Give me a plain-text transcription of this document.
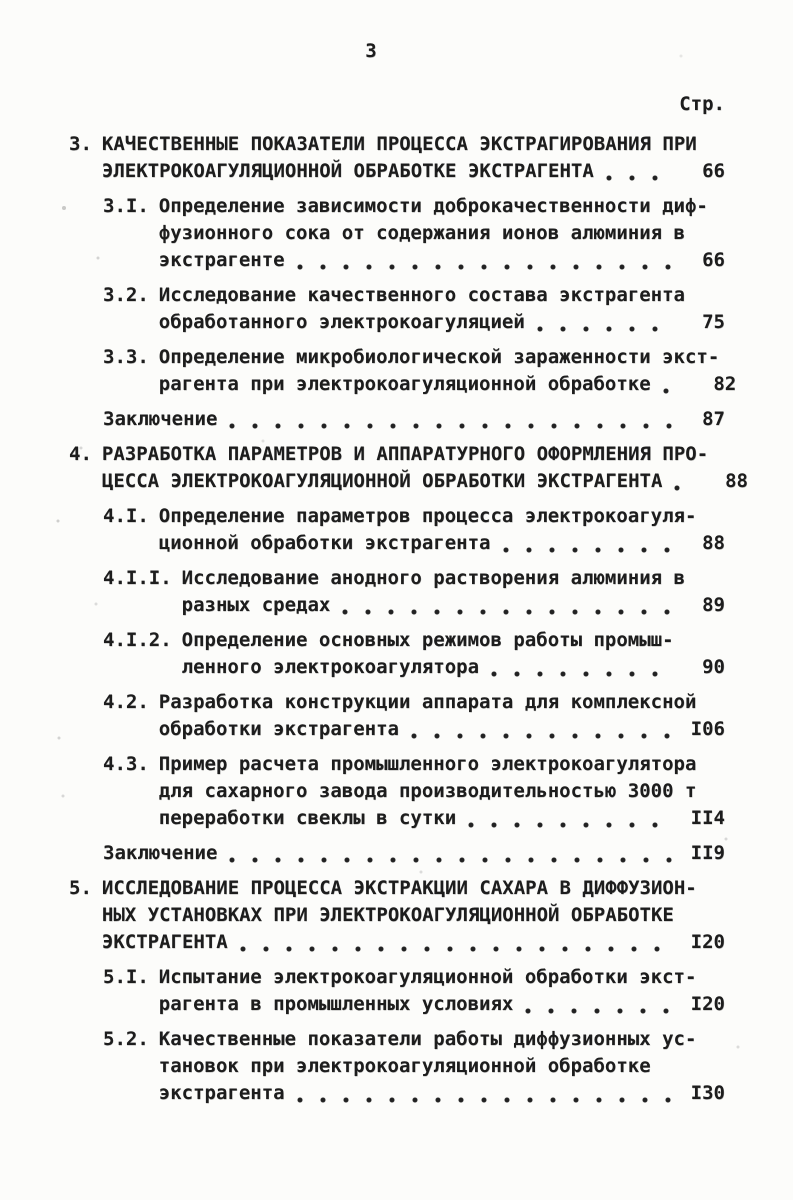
3
Стр.
3. КАЧЕСТВЕННЫЕ ПОКАЗАТЕЛИ ПРОЦЕССА ЭКСТРАГИРОВАНИЯ ПРИ
ЭЛЕКТРОКОАГУЛЯЦИОННОЙ ОБРАБОТКЕ ЭКСТРАГЕНТА	66
3.I. Определение зависимости доброкачественности диф-
фузионного сока от содержания ионов алюминия в
экстрагенте	66
3.2. Исследование качественного состава экстрагента
обработанного электрокоагуляцией	75
3.3. Определение микробиологической зараженности экст-
рагента при электрокоагуляционной обработке	82
Заключение	87
4. РАЗРАБОТКА ПАРАМЕТРОВ И АППАРАТУРНОГО ОФОРМЛЕНИЯ ПРО-
ЦЕССА ЭЛЕКТРОКОАГУЛЯЦИОННОЙ ОБРАБОТКИ ЭКСТРАГЕНТА	88
4.I. Определение параметров процесса электрокоагуля-
ционной обработки экстрагента	88
4.I.I. Исследование анодного растворения алюминия в
разных средах	89
4.I.2. Определение основных режимов работы промыш-
ленного электрокоагулятора	90
4.2. Разработка конструкции аппарата для комплексной
обработки экстрагента	I06
4.3. Пример расчета промышленного электрокоагулятора
для сахарного завода производительностью 3000 т
переработки свеклы в сутки	II4
Заключение	II9
5. ИССЛЕДОВАНИЕ ПРОЦЕССА ЭКСТРАКЦИИ САХАРА В ДИФФУЗИОН-
НЫХ УСТАНОВКАХ ПРИ ЭЛЕКТРОКОАГУЛЯЦИОННОЙ ОБРАБОТКЕ
ЭКСТРАГЕНТА	I20
5.I. Испытание электрокоагуляционной обработки экст-
рагента в промышленных условиях	I20
5.2. Качественные показатели работы диффузионных ус-
тановок при электрокоагуляционной обработке
экстрагента	I30
